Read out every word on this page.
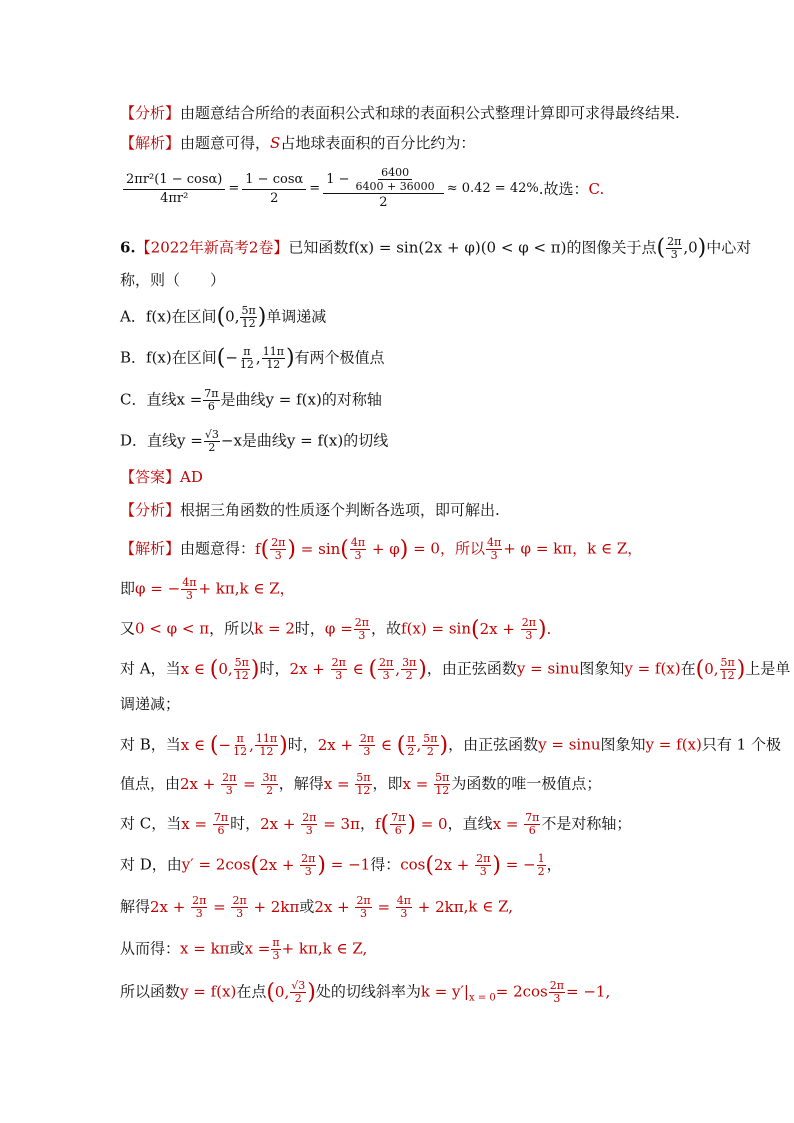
【分析】由题意结合所给的表面积公式和球的表面积公式整理计算即可求得最终结果.
【解析】由题意可得，S占地球表面积的百分比约为：
$\frac{\text{2πr²(1 − cosα)}}{\text{4πr²}} = \frac{1 - \cos\alpha}{2} = \frac{1 - \frac{6400}{6400 + 36000}}{2} \approx 0.42 = 42\%$ .故选： C.
6.【2022年新高考2卷】已知函数f(x) = sin(2x + φ)(0 < φ < π)的图像关于点( $\frac{2\pi}{3} ,0$)中心对
称，则（　　）
A．f(x)在区间(0, $\frac{5\pi}{12}$ )单调递减
B．f(x)在区间(− $\frac{\pi}{12}$ , $\frac{11\pi}{12}$ )有两个极值点
C．直线$x = \frac{7\pi}{6}$ 是曲线y = f(x)的对称轴
D．直线$y = \frac{√3}{2} -x$是曲线y = f(x)的切线
【答案】AD
【分析】根据三角函数的性质逐个判断各选项，即可解出.
【解析】由题意得：$f( \frac{2\pi}{3}$ ) = $\sin( \frac{4\pi}{3} + \varphi) = 0$，所以 $\frac{4\pi}{3} + \varphi = k\pi$，k ∈ Z，
即φ = − $\frac{4\pi}{3} + k\pi,k$ ∈ Z，
又0 < φ < π，所以k = 2时，$\varphi = \frac{2\pi}{3}$ ，故$f(x) = \sin(2x + \frac{2\pi}{3}$ ).
对 A，当x ∈ (0, $\frac{5\pi}{12}$ )时，$2x + \frac{2\pi}{3}$ ∈ ( $\frac{2\pi}{3}$ , $\frac{3\pi}{2}$ )，由正弦函数y = sinu图象知y = f(x)在(0, $\frac{5\pi}{12}$ )上是单
调递减；
对 B，当x ∈ (− $\frac{\pi}{12}$ , $\frac{11\pi}{12}$ )时，$2x + \frac{2\pi}{3}$ ∈ ( $\frac{\pi}{2}$ , $\frac{5\pi}{2}$ )，由正弦函数y = sinu图象知y = f(x)只有 1 个极
值点，由$2x + \frac{2\pi}{3} = \frac{3\pi}{2}$ ，解得$x = \frac{5\pi}{12}$ ，即$x = \frac{5\pi}{12}$ 为函数的唯一极值点；
对 C，当$x = \frac{7\pi}{6}$ 时，$2x + \frac{2\pi}{3} = 3\pi$，$f( \frac{7\pi}{6}$ ) = 0，直线$x = \frac{7\pi}{6}$ 不是对称轴；
对 D，由$y' = 2\cos(2x + \frac{2\pi}{3}$ ) = −1得：$\cos(2x + \frac{2\pi}{3}$ ) = − $\frac{1}{2}$ ，
解得$2x + \frac{2\pi}{3} = \frac{2\pi}{3} + 2k\pi$或$2x + \frac{2\pi}{3} = \frac{4\pi}{3} + 2k\pi,k$ ∈ Z,
从而得：x = kπ或$x = \frac{\pi}{3} + k\pi,k$ ∈ Z,
所以函数y = f(x)在点(0, $\frac{√3}{2}$ )处的切线斜率为$k = y'|_{x = 0}= 2\cos \frac{2\pi}{3} = -1$,
